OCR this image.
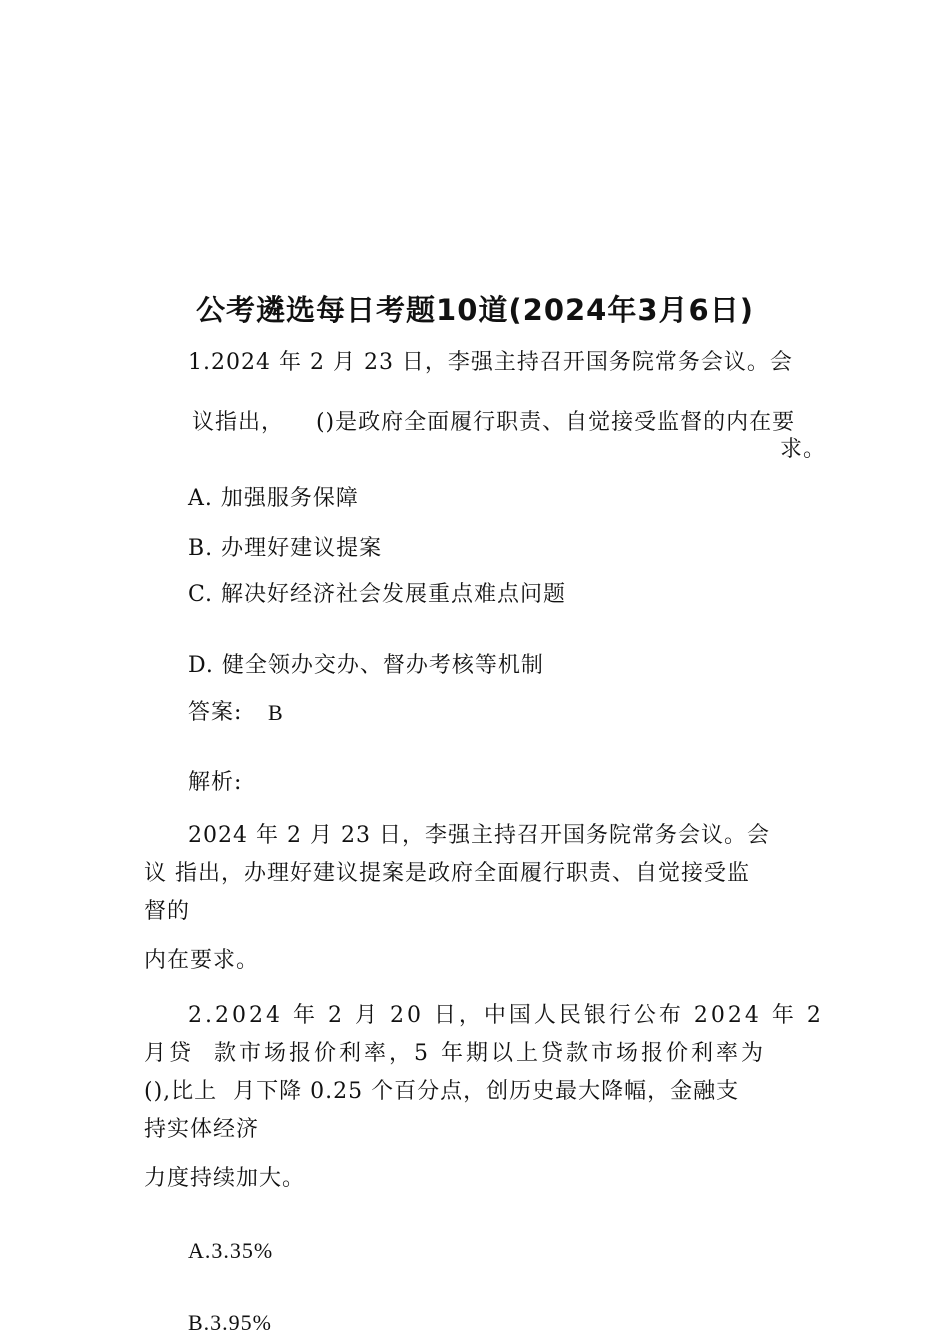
公考遴选每日考题10道(2024年3月6日)
1.2024 年 2 月 23 日，李强主持召开国务院常务会议。会
议指出，    ()是政府全面履行职责、自觉接受监督的内在要
求。
A. 加强服务保障
B. 办理好建议提案
C. 解决好经济社会发展重点难点问题
D. 健全领办交办、督办考核等机制
答案: B
解析:
2024 年 2 月 23 日，李强主持召开国务院常务会议。会
议 指出，办理好建议提案是政府全面履行职责、自觉接受监
督的
内在要求。
2.2024 年 2 月 20 日，中国人民银行公布 2024 年 2
月贷  款市场报价利率，5 年期以上贷款市场报价利率为
(),比上  月下降 0.25 个百分点，创历史最大降幅，金融支
持实体经济
力度持续加大。
A.3.35%
B.3.95%
